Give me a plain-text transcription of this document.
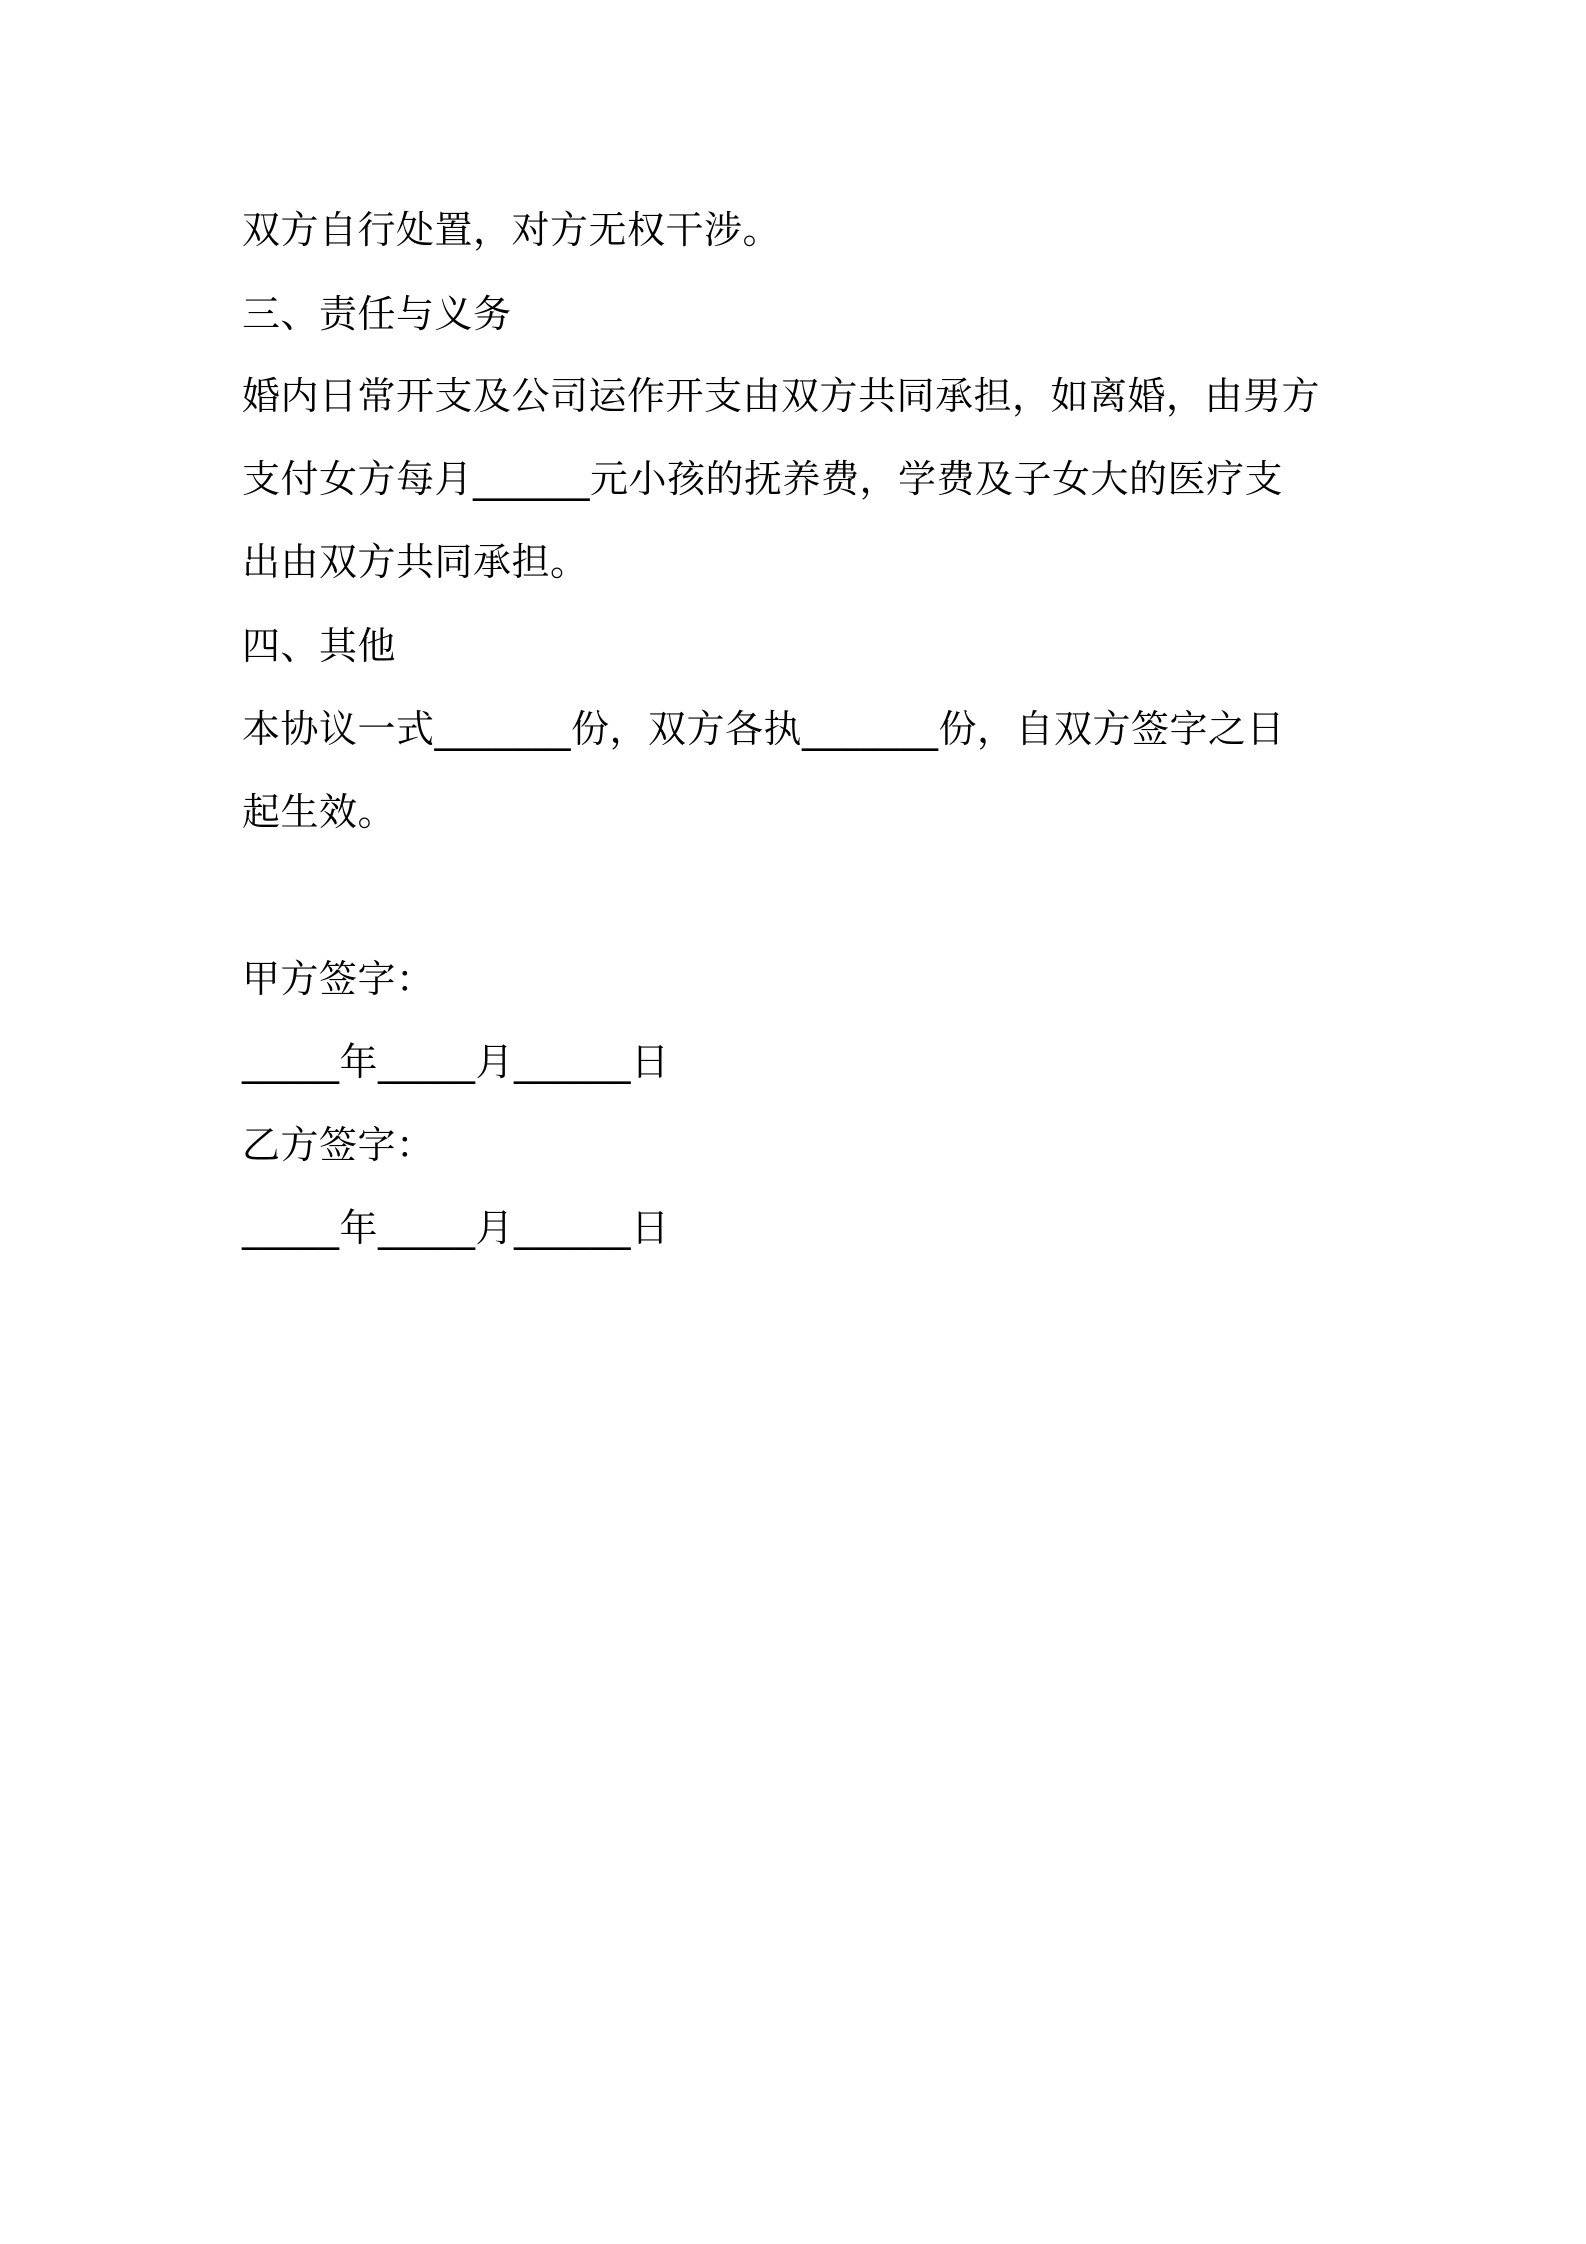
双方自行处置，对方无权干涉。
三、责任与义务
婚内日常开支及公司运作开支由双方共同承担，如离婚，由男方
支付女方每月______元小孩的抚养费，学费及子女大的医疗支
出由双方共同承担。
四、其他
本协议一式_______份，双方各执_______份，自双方签字之日
起生效。
甲方签字：
_____年_____月______日
乙方签字：
_____年_____月______日
